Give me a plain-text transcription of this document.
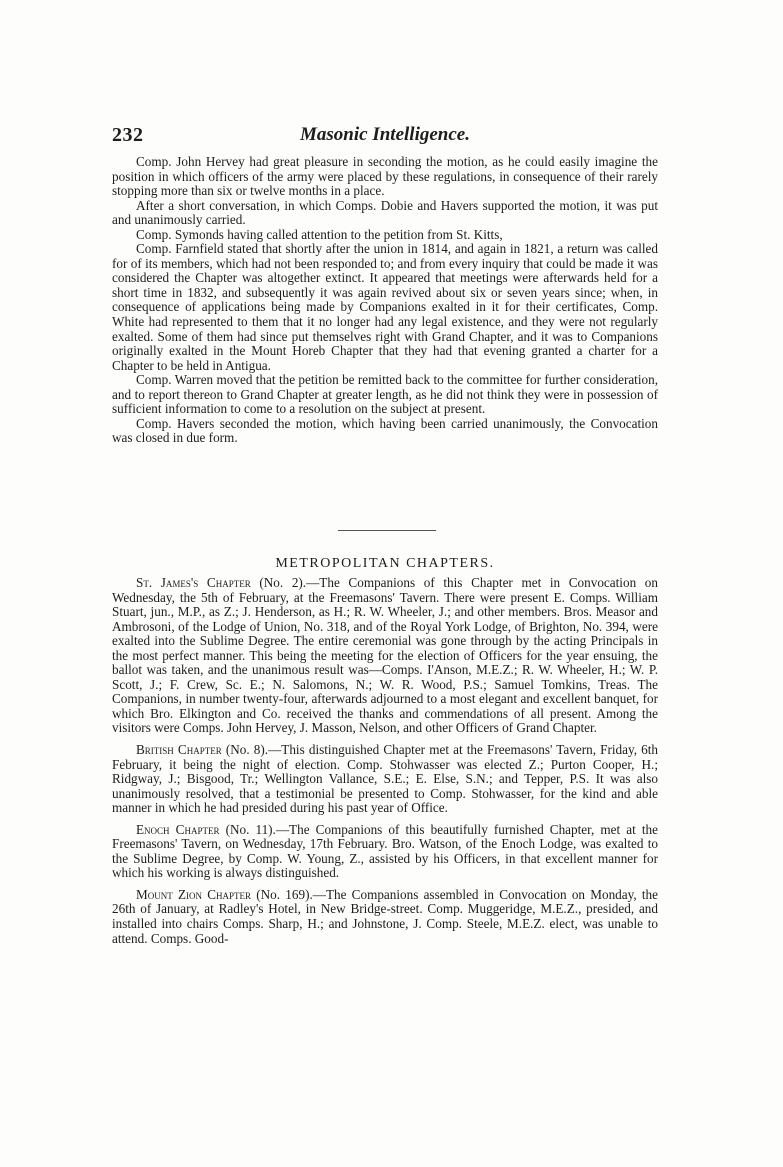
232	Masonic Intelligence.

Comp. John Hervey had great pleasure in seconding the motion, as he could easily imagine the position in which officers of the army were placed by these regulations, in consequence of their rarely stopping more than six or twelve months in a place.

After a short conversation, in which Comps. Dobie and Havers supported the motion, it was put and unanimously carried.

Comp. Symonds having called attention to the petition from St. Kitts,

Comp. Farnfield stated that shortly after the union in 1814, and again in 1821, a return was called for of its members, which had not been responded to; and from every inquiry that could be made it was considered the Chapter was altogether extinct. It appeared that meetings were afterwards held for a short time in 1832, and subsequently it was again revived about six or seven years since; when, in consequence of applications being made by Companions exalted in it for their certificates, Comp. White had represented to them that it no longer had any legal existence, and they were not regularly exalted. Some of them had since put themselves right with Grand Chapter, and it was to Companions originally exalted in the Mount Horeb Chapter that they had that evening granted a charter for a Chapter to be held in Antigua.

Comp. Warren moved that the petition be remitted back to the committee for further consideration, and to report thereon to Grand Chapter at greater length, as he did not think they were in possession of sufficient information to come to a resolution on the subject at present.

Comp. Havers seconded the motion, which having been carried unanimously, the Convocation was closed in due form.

METROPOLITAN CHAPTERS.

St. James's Chapter (No. 2).—The Companions of this Chapter met in Convocation on Wednesday, the 5th of February, at the Freemasons' Tavern. There were present E. Comps. William Stuart, jun., M.P., as Z.; J. Henderson, as H.; R. W. Wheeler, J.; and other members. Bros. Measor and Ambrosoni, of the Lodge of Union, No. 318, and of the Royal York Lodge, of Brighton, No. 394, were exalted into the Sublime Degree. The entire ceremonial was gone through by the acting Principals in the most perfect manner. This being the meeting for the election of Officers for the year ensuing, the ballot was taken, and the unanimous result was—Comps. I'Anson, M.E.Z.; R. W. Wheeler, H.; W. P. Scott, J.; F. Crew, Sc. E.; N. Salomons, N.; W. R. Wood, P.S.; Samuel Tomkins, Treas. The Companions, in number twenty-four, afterwards adjourned to a most elegant and excellent banquet, for which Bro. Elkington and Co. received the thanks and commendations of all present. Among the visitors were Comps. John Hervey, J. Masson, Nelson, and other Officers of Grand Chapter.

British Chapter (No. 8).—This distinguished Chapter met at the Freemasons' Tavern, Friday, 6th February, it being the night of election. Comp. Stohwasser was elected Z.; Purton Cooper, H.; Ridgway, J.; Bisgood, Tr.; Wellington Vallance, S.E.; E. Else, S.N.; and Tepper, P.S. It was also unanimously resolved, that a testimonial be presented to Comp. Stohwasser, for the kind and able manner in which he had presided during his past year of Office.

Enoch Chapter (No. 11).—The Companions of this beautifully furnished Chapter, met at the Freemasons' Tavern, on Wednesday, 17th February. Bro. Watson, of the Enoch Lodge, was exalted to the Sublime Degree, by Comp. W. Young, Z., assisted by his Officers, in that excellent manner for which his working is always distinguished.

Mount Zion Chapter (No. 169).—The Companions assembled in Convocation on Monday, the 26th of January, at Radley's Hotel, in New Bridge-street. Comp. Muggeridge, M.E.Z., presided, and installed into chairs Comps. Sharp, H.; and Johnstone, J. Comp. Steele, M.E.Z. elect, was unable to attend. Comps. Good-
